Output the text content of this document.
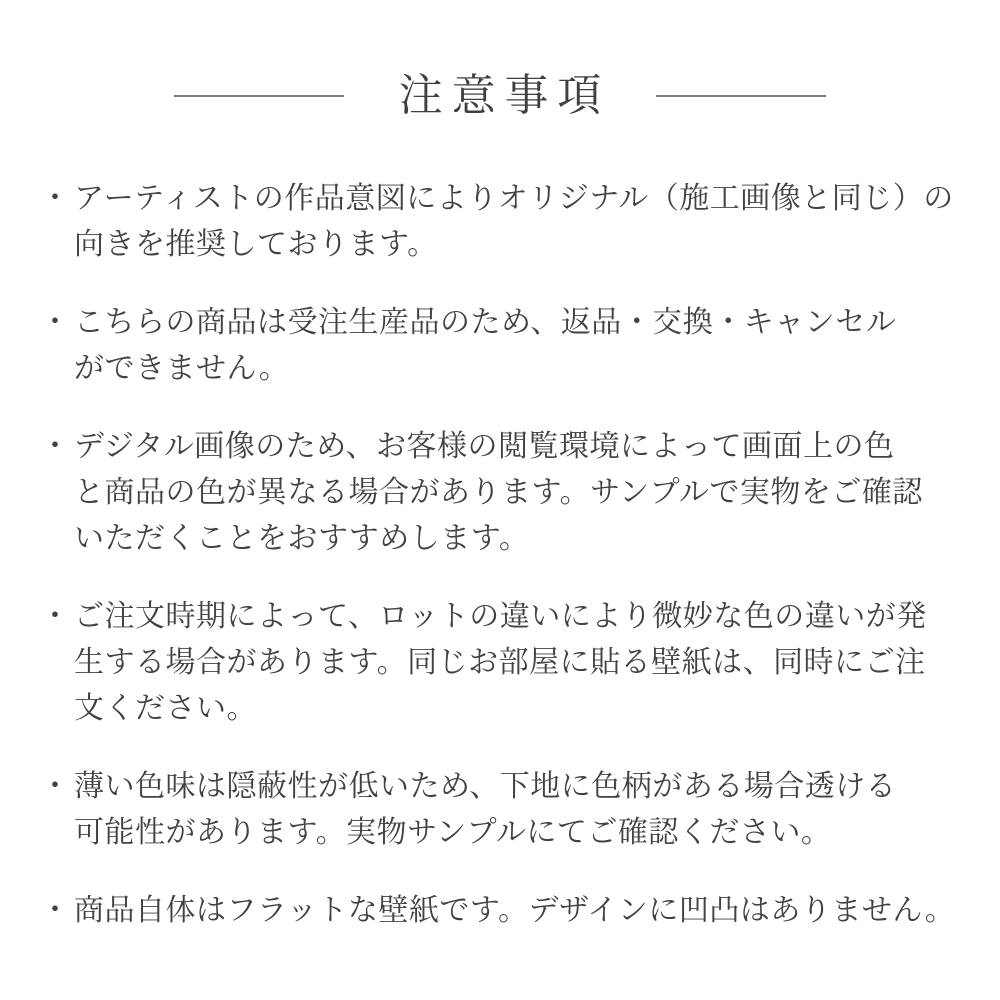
注意事項
・ アーティストの作品意図によりオリジナル（施工画像と同じ）の
向きを推奨しております。
・ こちらの商品は受注生産品のため、返品・交換・キャンセル
ができません。
・ デジタル画像のため、お客様の閲覧環境によって画面上の色
と商品の色が異なる場合があります。サンプルで実物をご確認
いただくことをおすすめします。
・ ご注文時期によって、ロットの違いにより微妙な色の違いが発
生する場合があります。同じお部屋に貼る壁紙は、同時にご注
文ください。
・ 薄い色味は隠蔽性が低いため、下地に色柄がある場合透ける
可能性があります。実物サンプルにてご確認ください。
・ 商品自体はフラットな壁紙です。デザインに凹凸はありません。
